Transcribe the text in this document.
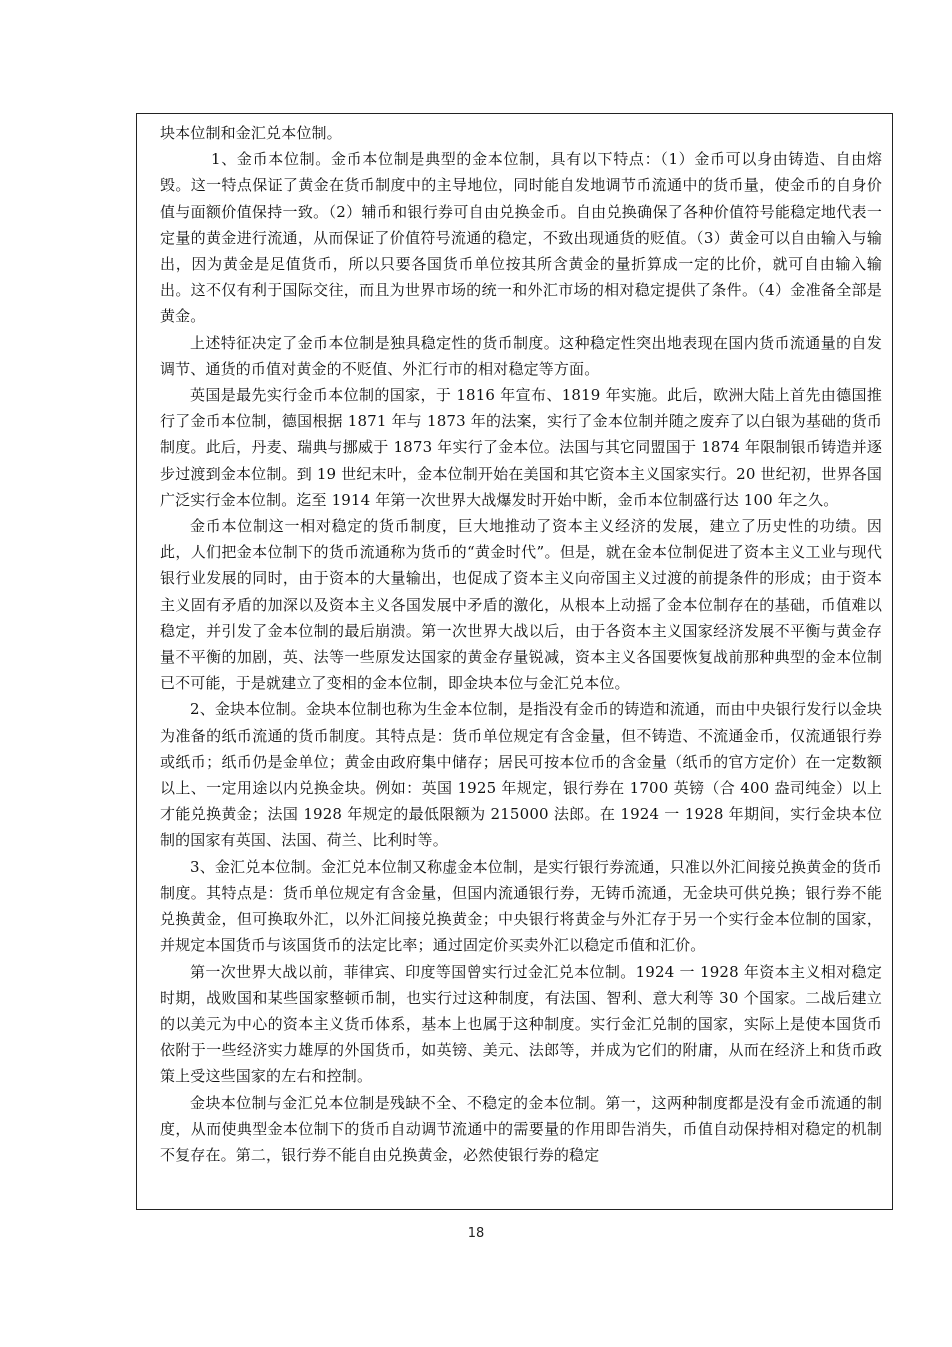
块本位制和金汇兑本位制。

1、金币本位制。金币本位制是典型的金本位制，具有以下特点：（1）金币可以身由铸造、自由熔毁。这一特点保证了黄金在货币制度中的主导地位，同时能自发地调节币流通中的货币量，使金币的自身价值与面额价值保持一致。（2）辅币和银行券可自由兑换金币。自由兑换确保了各种价值符号能稳定地代表一定量的黄金进行流通，从而保证了价值符号流通的稳定，不致出现通货的贬值。（3）黄金可以自由输入与输出，因为黄金是足值货币，所以只要各国货币单位按其所含黄金的量折算成一定的比价，就可自由输入输出。这不仅有利于国际交往，而且为世界市场的统一和外汇市场的相对稳定提供了条件。（4）金准备全部是黄金。

上述特征决定了金币本位制是独具稳定性的货币制度。这种稳定性突出地表现在国内货币流通量的自发调节、通货的币值对黄金的不贬值、外汇行市的相对稳定等方面。

英国是最先实行金币本位制的国家，于 1816 年宣布、1819 年实施。此后，欧洲大陆上首先由德国推行了金币本位制，德国根据 1871 年与 1873 年的法案，实行了金本位制并随之废弃了以白银为基础的货币制度。此后，丹麦、瑞典与挪威于 1873 年实行了金本位。法国与其它同盟国于 1874 年限制银币铸造并逐步过渡到金本位制。到 19 世纪末叶，金本位制开始在美国和其它资本主义国家实行。20 世纪初，世界各国广泛实行金本位制。迄至 1914 年第一次世界大战爆发时开始中断，金币本位制盛行达 100 年之久。

金币本位制这一相对稳定的货币制度，巨大地推动了资本主义经济的发展，建立了历史性的功绩。因此，人们把金本位制下的货币流通称为货币的“黄金时代”。但是，就在金本位制促进了资本主义工业与现代银行业发展的同时，由于资本的大量输出，也促成了资本主义向帝国主义过渡的前提条件的形成；由于资本主义固有矛盾的加深以及资本主义各国发展中矛盾的激化，从根本上动摇了金本位制存在的基础，币值难以稳定，并引发了金本位制的最后崩溃。第一次世界大战以后，由于各资本主义国家经济发展不平衡与黄金存量不平衡的加剧，英、法等一些原发达国家的黄金存量锐减，资本主义各国要恢复战前那种典型的金本位制已不可能，于是就建立了变相的金本位制，即金块本位与金汇兑本位。

2、金块本位制。金块本位制也称为生金本位制，是指没有金币的铸造和流通，而由中央银行发行以金块为准备的纸币流通的货币制度。其特点是：货币单位规定有含金量，但不铸造、不流通金币，仅流通银行券或纸币；纸币仍是金单位；黄金由政府集中储存；居民可按本位币的含金量（纸币的官方定价）在一定数额以上、一定用途以内兑换金块。例如：英国 1925 年规定，银行券在 1700 英镑（合 400 盎司纯金）以上才能兑换黄金；法国 1928 年规定的最低限额为 215000 法郎。在 1924 一 1928 年期间，实行金块本位制的国家有英国、法国、荷兰、比利时等。

3、金汇兑本位制。金汇兑本位制又称虚金本位制，是实行银行券流通，只准以外汇间接兑换黄金的货币制度。其特点是：货币单位规定有含金量，但国内流通银行券，无铸币流通，无金块可供兑换；银行券不能兑换黄金，但可换取外汇，以外汇间接兑换黄金；中央银行将黄金与外汇存于另一个实行金本位制的国家，并规定本国货币与该国货币的法定比率；通过固定价买卖外汇以稳定币值和汇价。

第一次世界大战以前，菲律宾、印度等国曾实行过金汇兑本位制。1924 一 1928 年资本主义相对稳定时期，战败国和某些国家整顿币制，也实行过这种制度，有法国、智利、意大利等 30 个国家。二战后建立的以美元为中心的资本主义货币体系，基本上也属于这种制度。实行金汇兑制的国家，实际上是使本国货币依附于一些经济实力雄厚的外国货币，如英镑、美元、法郎等，并成为它们的附庸，从而在经济上和货币政策上受这些国家的左右和控制。

金块本位制与金汇兑本位制是残缺不全、不稳定的金本位制。第一，这两种制度都是没有金币流通的制度，从而使典型金本位制下的货币自动调节流通中的需要量的作用即告消失，币值自动保持相对稳定的机制不复存在。第二，银行券不能自由兑换黄金，必然使银行券的稳定

18
